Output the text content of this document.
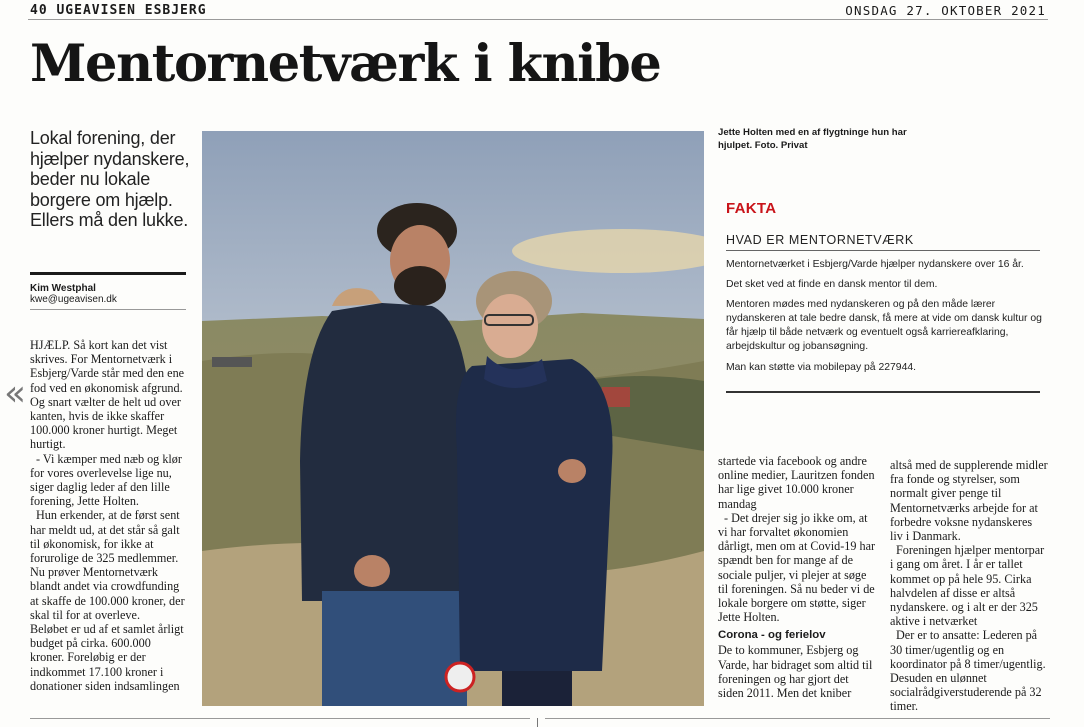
40 UGEAVISEN ESBJERG	ONSDAG 27. OKTOBER 2021
Mentornetværk i knibe
Lokal forening, der hjælper nydanskere, beder nu lokale borgere om hjælp. Ellers må den lukke.
Kim Westphal
kwe@ugeavisen.dk
«

HJÆLP. Så kort kan det vist skrives. For Mentornetværk i Esbjerg/Varde står med den ene fod ved en økonomisk afgrund. Og snart vælter de helt ud over kanten, hvis de ikke skaffer 100.000 kroner hurtigt. Meget hurtigt.

- Vi kæmper med næb og klør for vores overlevelse lige nu, siger daglig leder af den lille forening, Jette Holten.

Hun erkender, at de først sent har meldt ud, at det står så galt til økonomisk, for ikke at forurolige de 325 medlemmer. Nu prøver Mentornetværk blandt andet via crowdfunding at skaffe de 100.000 kroner, der skal til for at overleve.

Beløbet er ud af et samlet årligt budget på cirka. 600.000 kroner. Foreløbig er der indkommet 17.100 kroner i donationer siden indsamlingen

Jette Holten med en af flygtninge hun har hjulpet. Foto. Privat
FAKTA
HVAD ER MENTORNETVÆRK

Mentornetværket i Esbjerg/Varde hjælper nydanskere over 16 år.

Det sket ved at finde en dansk mentor til dem.

Mentoren mødes med nydanskeren og på den måde lærer nydanskeren at tale bedre dansk, få mere at vide om dansk kultur og får hjælp til både netværk og eventuelt også karriereafklaring, arbejdskultur og jobansøgning.

Man kan støtte via mobilepay på 227944.

startede via facebook og andre online medier, Lauritzen fonden har lige givet 10.000 kroner mandag

- Det drejer sig jo ikke om, at vi har forvaltet økonomien dårligt, men om at Covid-19 har spændt ben for mange af de sociale puljer, vi plejer at søge til foreningen. Så nu beder vi de lokale borgere om støtte, siger Jette Holten.

Corona - og ferielov

De to kommuner, Esbjerg og Varde, har bidraget som altid til foreningen og har gjort det siden 2011. Men det kniber

altså med de supplerende midler fra fonde og styrelser, som normalt giver penge til Mentornetværks arbejde for at forbedre voksne nydanskeres liv i Danmark.

Foreningen hjælper mentorpar i gang om året. I år er tallet kommet op på hele 95. Cirka halvdelen af disse er altså nydanskere. og i alt er der 325 aktive i netværket

Der er to ansatte: Lederen på 30 timer/ugentlig og en koordinator på 8 timer/ugentlig. Desuden en ulønnet socialrådgiverstuderende på 32 timer.
